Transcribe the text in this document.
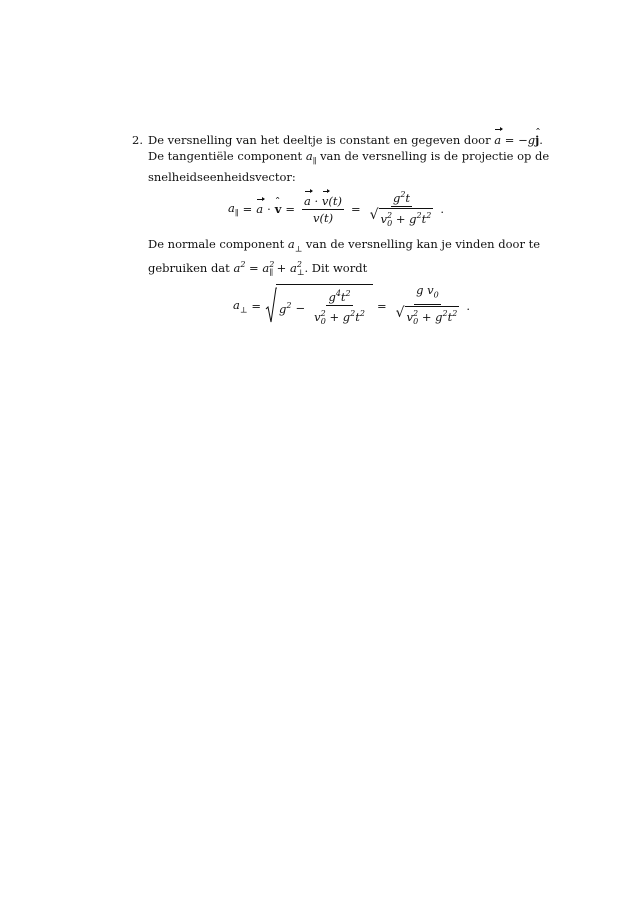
2. De versnelling van het deeltje is constant en gegeven door a = −gj ˆ.
De tangentiële component $a_\parallel$ van de versnelling is de projectie op de
snelheidseenheidsvector:
$a_\parallel = a \cdot v$ ˆ = $\frac{a \cdot v(t)}{v(t)} = \frac{g^2t}{√ v^2_0 + g^2t^2}$ .
De normale component $a_\perp$ van de versnelling kan je vinden door te
gebruiken dat $a^2 = a^2_\parallel + a^2_\perp$. Dit wordt
$a_\perp = g^2 - \frac{g^4t^2}{v^2_0 + g^2t^2} = \frac{g v_0}{√ v^2_0 + g^2t^2}$ .
